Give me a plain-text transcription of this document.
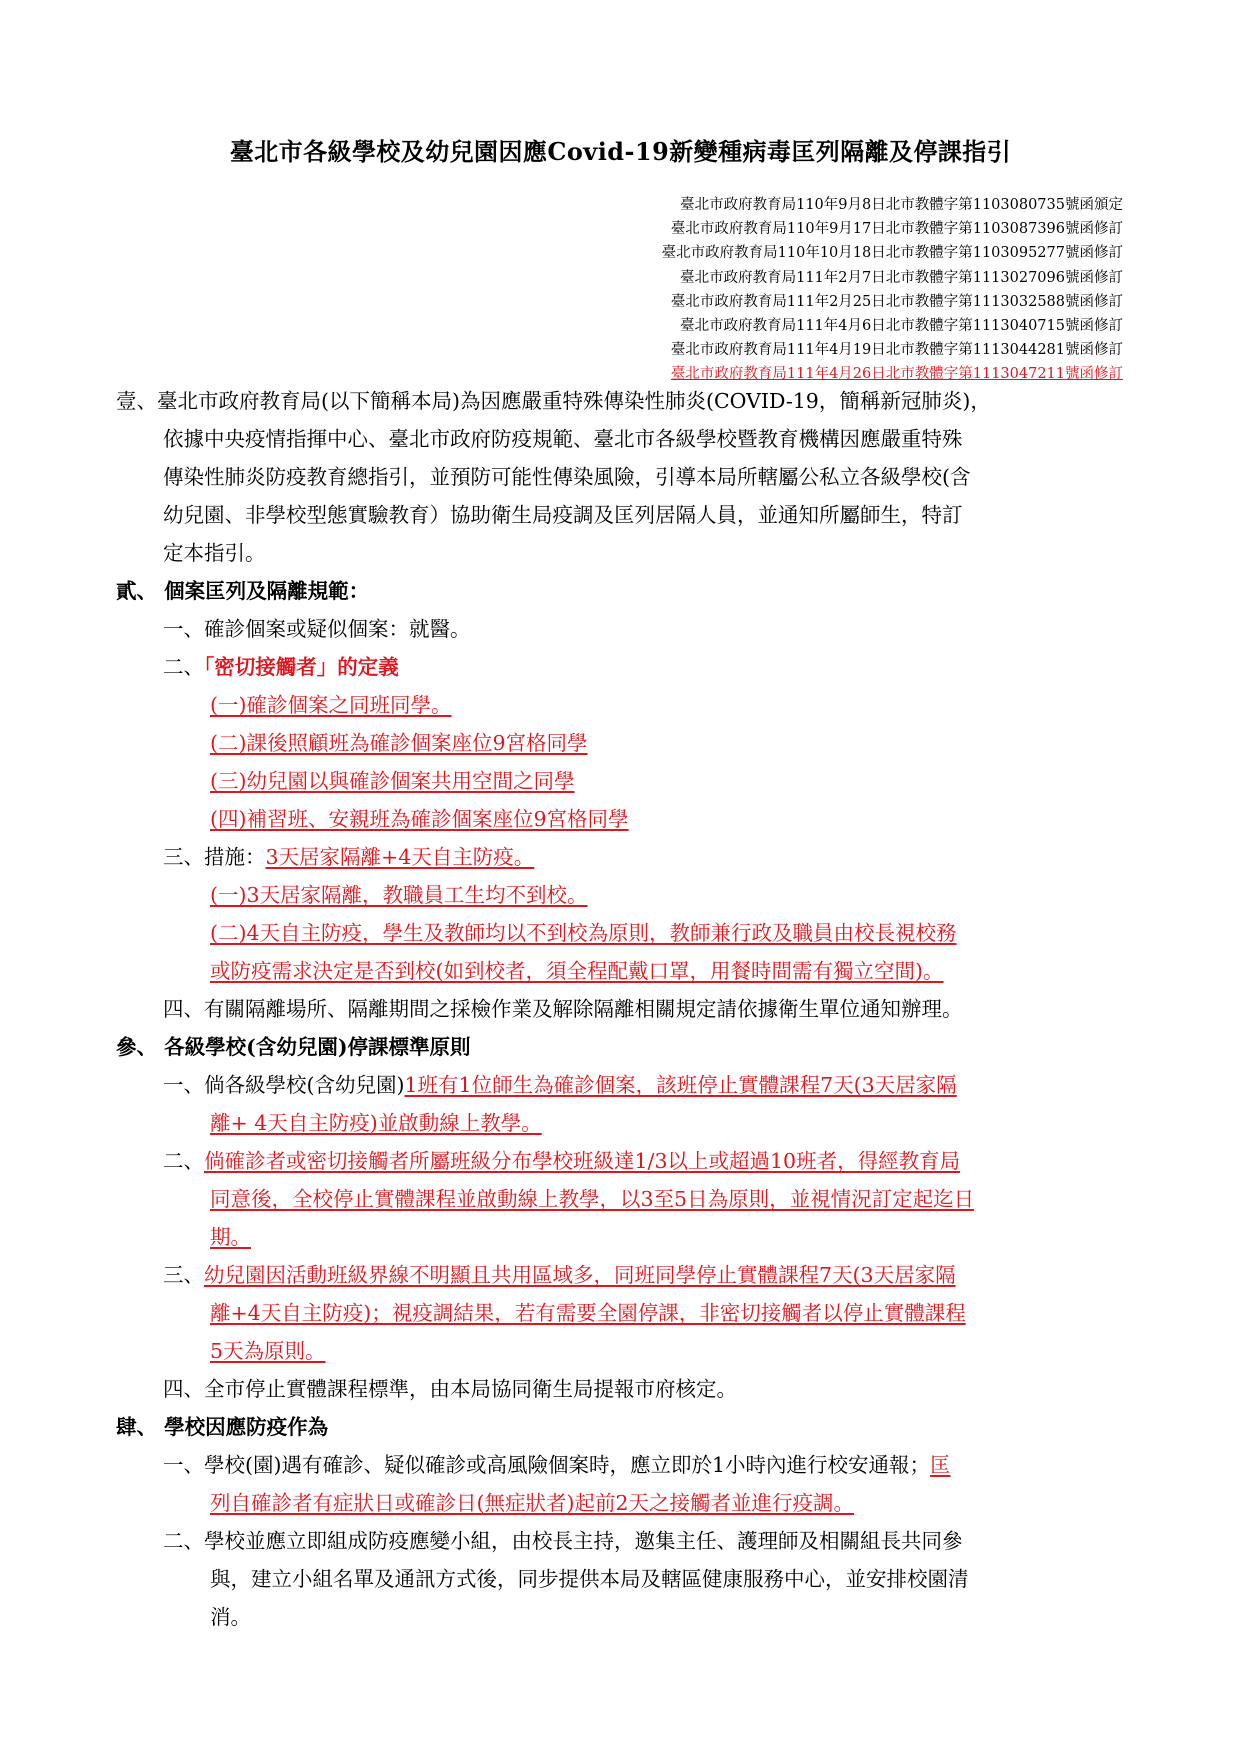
臺北市各級學校及幼兒園因應Covid-19新變種病毒匡列隔離及停課指引
臺北市政府教育局110年9月8日北市教體字第1103080735號函頒定
臺北市政府教育局110年9月17日北市教體字第1103087396號函修訂
臺北市政府教育局110年10月18日北市教體字第1103095277號函修訂
臺北市政府教育局111年2月7日北市教體字第1113027096號函修訂
臺北市政府教育局111年2月25日北市教體字第1113032588號函修訂
臺北市政府教育局111年4月6日北市教體字第1113040715號函修訂
臺北市政府教育局111年4月19日北市教體字第1113044281號函修訂
臺北市政府教育局111年4月26日北市教體字第1113047211號函修訂
壹、臺北市政府教育局(以下簡稱本局)為因應嚴重特殊傳染性肺炎(COVID-19，簡稱新冠肺炎)，
依據中央疫情指揮中心、臺北市政府防疫規範、臺北市各級學校暨教育機構因應嚴重特殊
傳染性肺炎防疫教育總指引，並預防可能性傳染風險，引導本局所轄屬公私立各級學校(含
幼兒園、非學校型態實驗教育）協助衛生局疫調及匡列居隔人員，並通知所屬師生，特訂
定本指引。
貳、 個案匡列及隔離規範：
一、確診個案或疑似個案：就醫。
二、「密切接觸者」的定義
(一)確診個案之同班同學。
(二)課後照顧班為確診個案座位9宮格同學
(三)幼兒園以與確診個案共用空間之同學
(四)補習班、安親班為確診個案座位9宮格同學
三、措施：3天居家隔離+4天自主防疫。
(一)3天居家隔離，教職員工生均不到校。
(二)4天自主防疫，學生及教師均以不到校為原則，教師兼行政及職員由校長視校務
或防疫需求決定是否到校(如到校者，須全程配戴口罩，用餐時間需有獨立空間)。
四、有關隔離場所、隔離期間之採檢作業及解除隔離相關規定請依據衛生單位通知辦理。
參、 各級學校(含幼兒園)停課標準原則
一、倘各級學校(含幼兒園)1班有1位師生為確診個案，該班停止實體課程7天(3天居家隔
離+ 4天自主防疫)並啟動線上教學。
二、倘確診者或密切接觸者所屬班級分布學校班級達1/3以上或超過10班者，得經教育局
同意後，全校停止實體課程並啟動線上教學，以3至5日為原則，並視情況訂定起迄日
期。
三、幼兒園因活動班級界線不明顯且共用區域多，同班同學停止實體課程7天(3天居家隔
離+4天自主防疫)；視疫調結果，若有需要全園停課，非密切接觸者以停止實體課程
5天為原則。
四、全市停止實體課程標準，由本局協同衛生局提報市府核定。
肆、 學校因應防疫作為
一、學校(園)遇有確診、疑似確診或高風險個案時，應立即於1小時內進行校安通報；匡
列自確診者有症狀日或確診日(無症狀者)起前2天之接觸者並進行疫調。
二、學校並應立即組成防疫應變小組，由校長主持，邀集主任、護理師及相關組長共同參
與，建立小組名單及通訊方式後，同步提供本局及轄區健康服務中心，並安排校園清
消。
